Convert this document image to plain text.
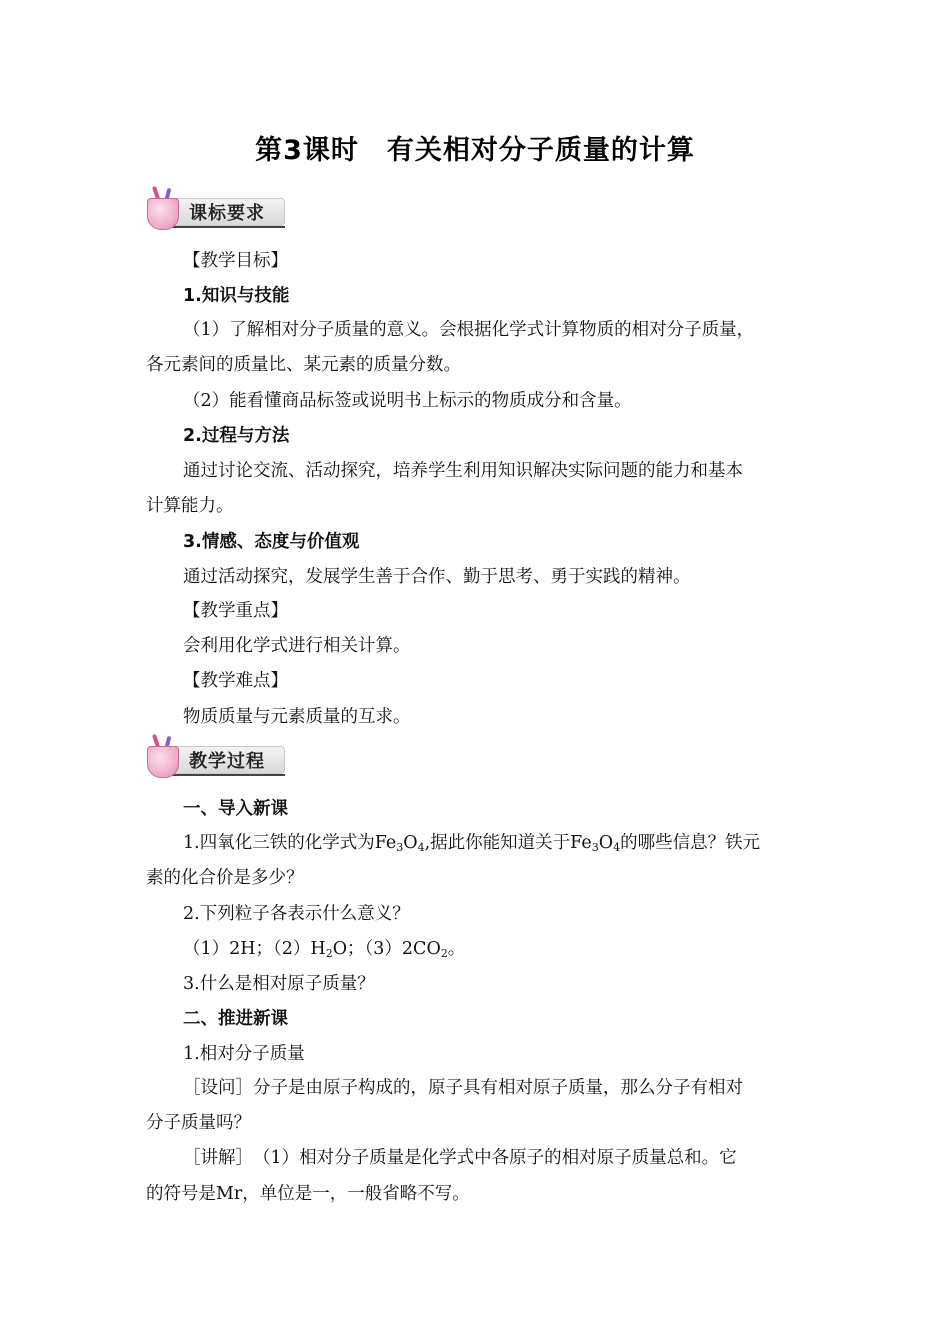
第3课时　有关相对分子质量的计算
课标要求
【教学目标】
1.知识与技能
（1）了解相对分子质量的意义。会根据化学式计算物质的相对分子质量，
各元素间的质量比、某元素的质量分数。
（2）能看懂商品标签或说明书上标示的物质成分和含量。
2.过程与方法
通过讨论交流、活动探究，培养学生利用知识解决实际问题的能力和基本
计算能力。
3.情感、态度与价值观
通过活动探究，发展学生善于合作、勤于思考、勇于实践的精神。
【教学重点】
会利用化学式进行相关计算。
【教学难点】
物质质量与元素质量的互求。
教学过程
一、导入新课
1.四氧化三铁的化学式为$Fe_3O_4$,据此你能知道关于$Fe_3O_4$的哪些信息？铁元
素的化合价是多少？
2.下列粒子各表示什么意义？
（1）2H；$(2)H_2O$；$(3)2CO_2$。
3.什么是相对原子质量？
二、推进新课
1.相对分子质量
［设问］分子是由原子构成的，原子具有相对原子质量，那么分子有相对
分子质量吗？
［讲解］　（1）相对分子质量是化学式中各原子的相对原子质量总和。它
的符号是Mr，单位是一，一般省略不写。
